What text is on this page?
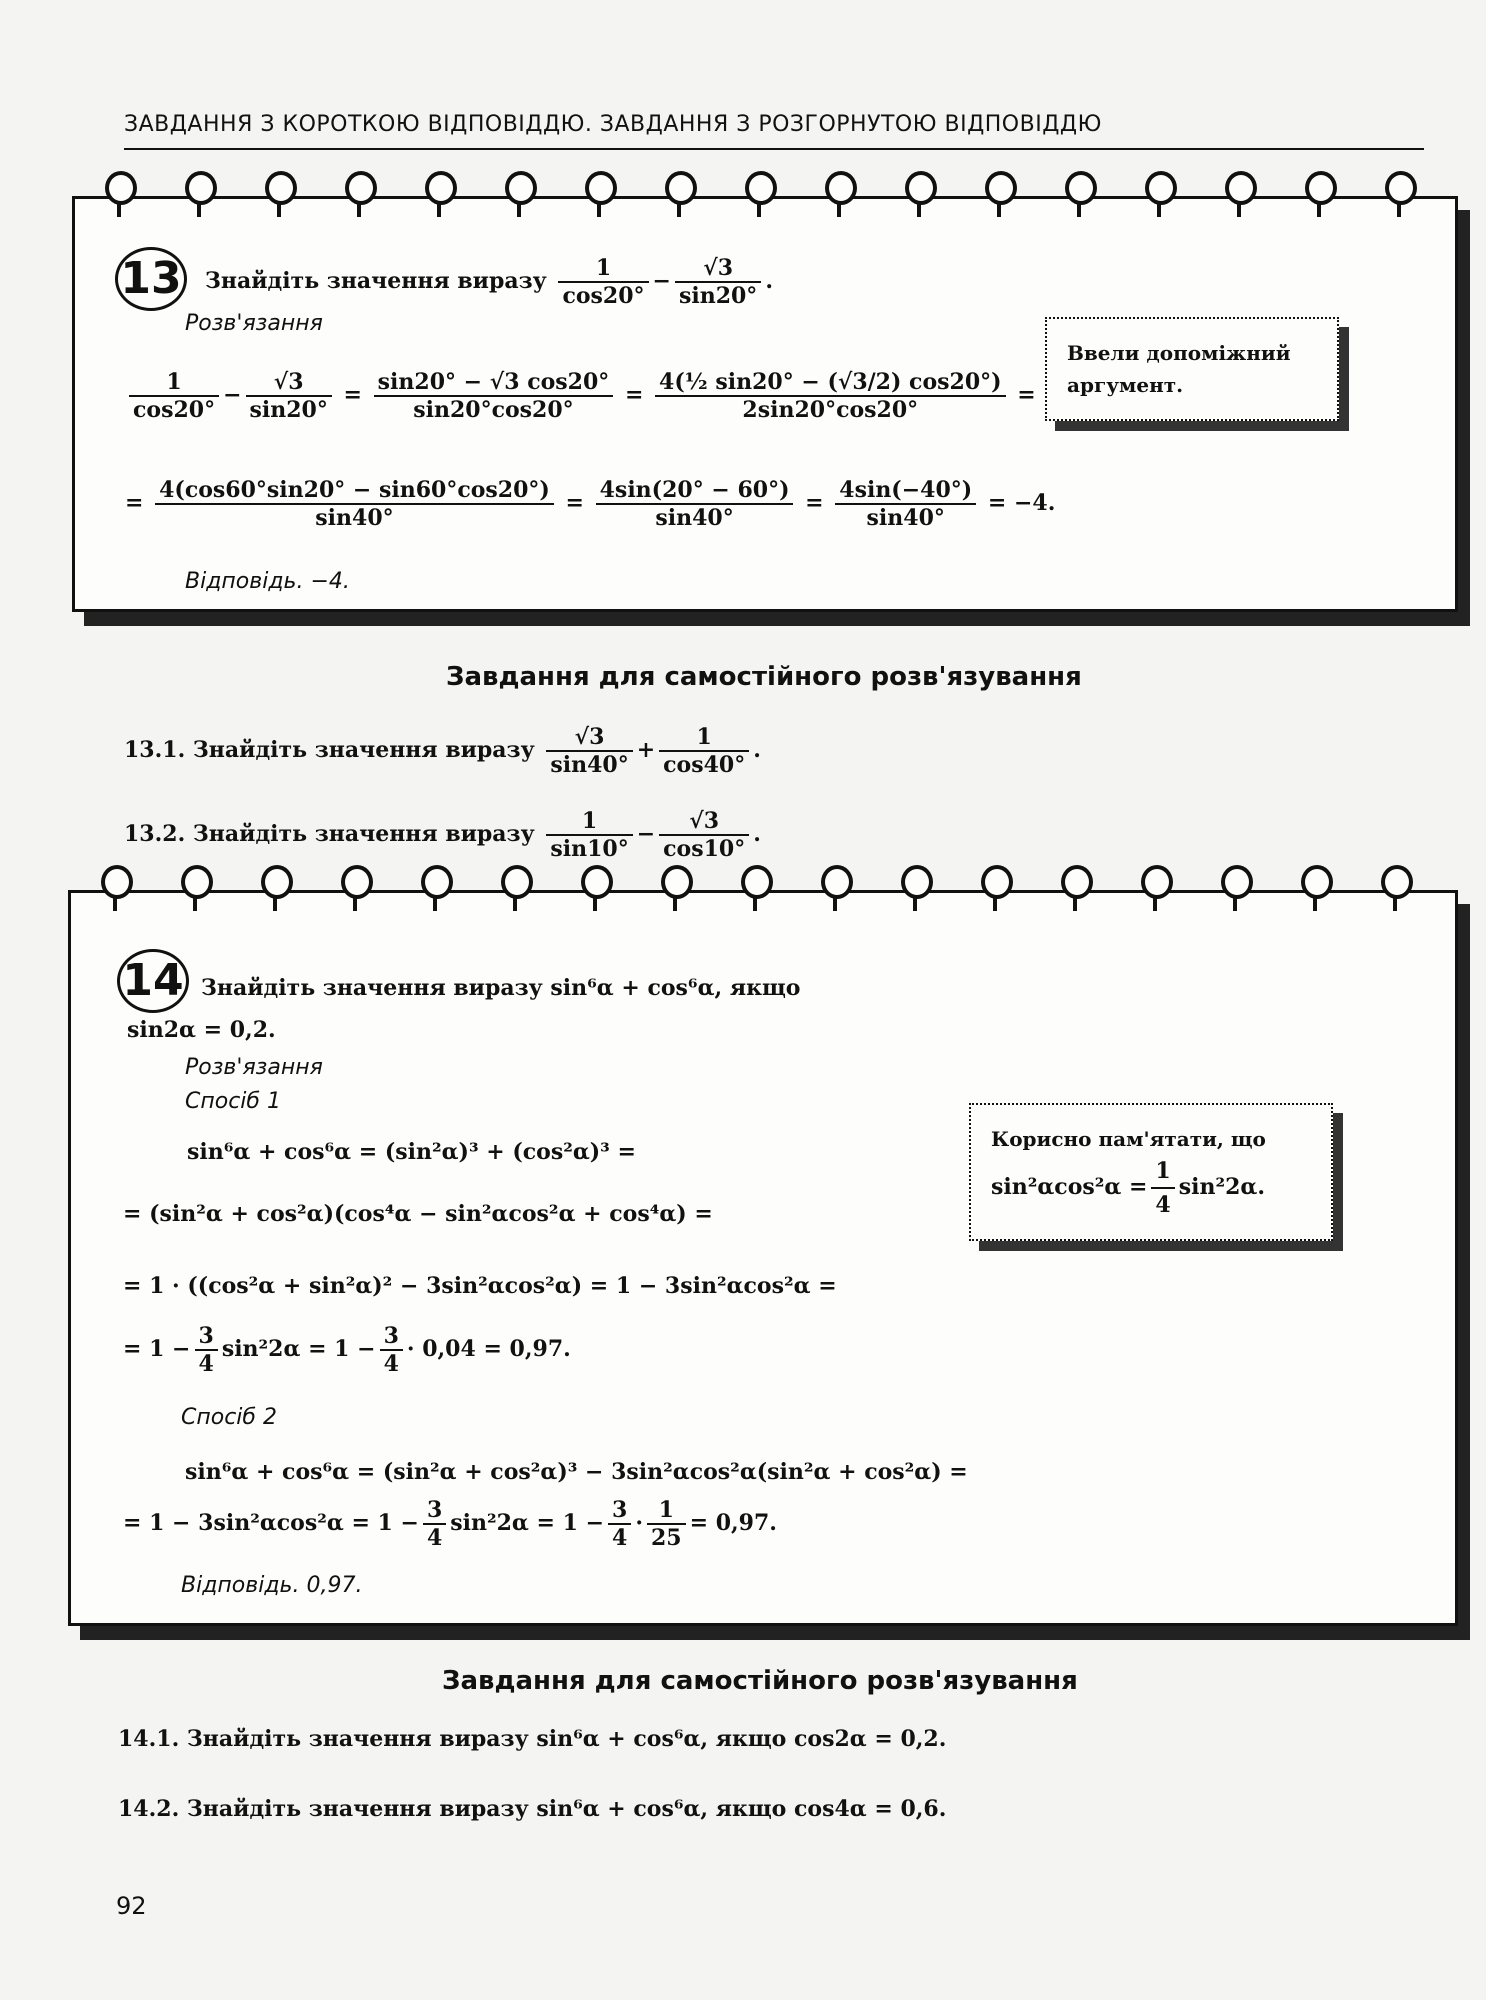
ЗАВДАННЯ З КОРОТКОЮ ВІДПОВІДДЮ. ЗАВДАННЯ З РОЗГОРНУТОЮ ВІДПОВІДДЮ
13 Знайдіть значення виразу $\frac{1}{\cos 20^\circ} - \frac{√3}{\sin 20^\circ}$ .
Розв'язання
$\frac{1}{\cos 20^\circ} - \frac{√3}{\sin 20^\circ} = \frac{\sin 20^\circ - √3 \cos 20^\circ}{\sin 20^\circ\cos 20^\circ} = \frac{\text{4(½ sin20° − (√3/2) cos20°)}}{2\sin 20^\circ\cos 20^\circ}$ =
= $\frac{4(\cos 60^\circ\sin 20^\circ - \sin 60^\circ\cos 20^\circ)}{\sin 40^\circ} = \frac{4\sin(20^\circ - 60^\circ)}{\sin 40^\circ} = \frac{4\sin(-40^\circ)}{\sin 40^\circ} = -4$.
Відповідь. −4.
Ввели допоміжний аргумент.
Завдання для самостійного розв'язування
13.1. Знайдіть значення виразу $\frac{√3}{\sin 40^\circ} + \frac{1}{\cos 40^\circ}$ .
13.2. Знайдіть значення виразу $\frac{1}{\sin 10^\circ} - \frac{√3}{\cos 10^\circ}$ .
14 Знайдіть значення виразу sin⁶α + cos⁶α, якщо
sin2α = 0,2.
Розв'язання
Спосіб 1
sin⁶α + cos⁶α = (sin²α)³ + (cos²α)³ =
= (sin²α + cos²α)(cos⁴α − sin²αcos²α + cos⁴α) =
= 1 · ((cos²α + sin²α)² − 3sin²αcos²α) = 1 − 3sin²αcos²α =
= $1 - \frac{3}{4} \sin^22\alpha = 1 - \frac{3}{4} \cdot 0,04 = 0,97$.
Спосіб 2
sin⁶α + cos⁶α = (sin²α + cos²α)³ − 3sin²αcos²α(sin²α + cos²α) =
= $1 - 3\sin^2\alpha\cos^2\alpha = 1 - \frac{3}{4} \sin^22\alpha = 1 - \frac{3}{4} \cdot \frac{1}{25} = 0,97$.
Відповідь. 0,97.
Корисно пам'ятати, що
$\sin^2\alpha\cos^2\alpha = \frac{1}{4} \sin^22\alpha$.
Завдання для самостійного розв'язування
14.1. Знайдіть значення виразу sin⁶α + cos⁶α, якщо cos2α = 0,2.
14.2. Знайдіть значення виразу sin⁶α + cos⁶α, якщо cos4α = 0,6.
92
